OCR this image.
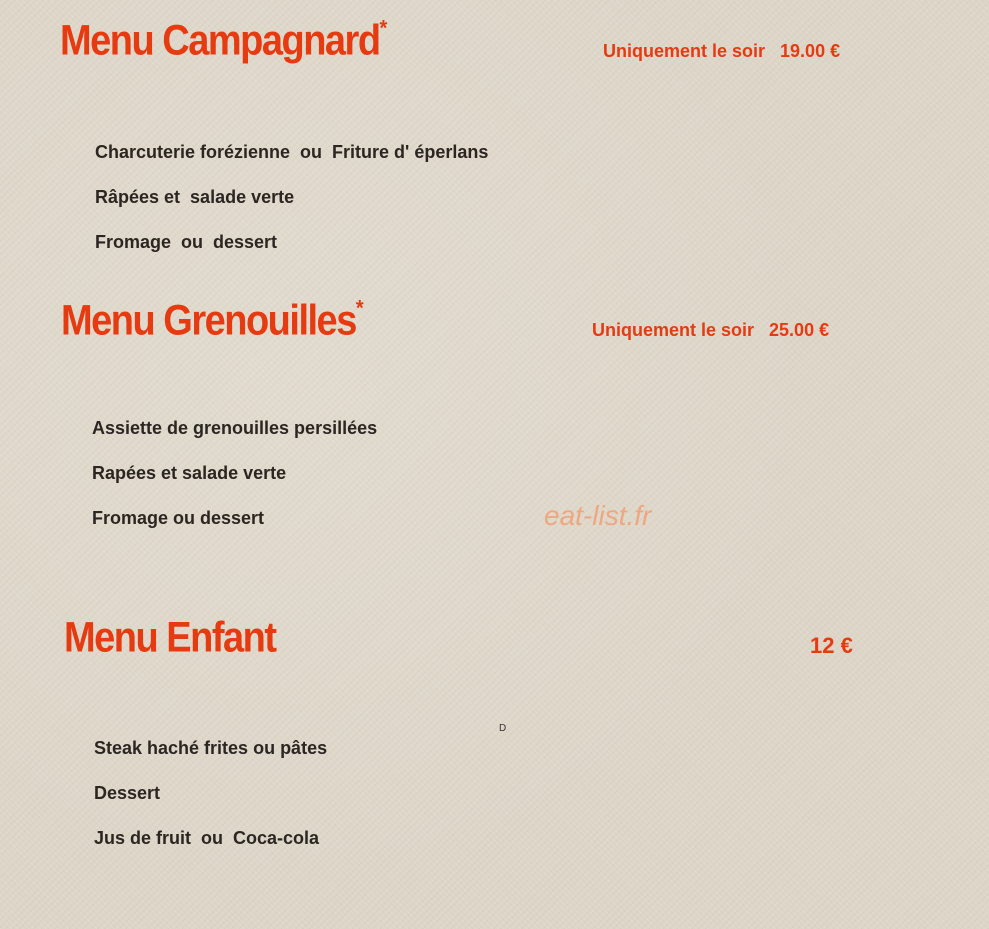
Menu Campagnard*
Uniquement le soir   19.00 €
Charcuterie forézienne  ou  Friture d' éperlans
Râpées et  salade verte
Fromage  ou  dessert
Menu Grenouilles*
Uniquement le soir   25.00 €
Assiette de grenouilles persillées
Rapées et salade verte
Fromage ou dessert	eat-list.fr
Menu Enfant	12 €
D
Steak haché frites ou pâtes
Dessert
Jus de fruit  ou  Coca-cola
